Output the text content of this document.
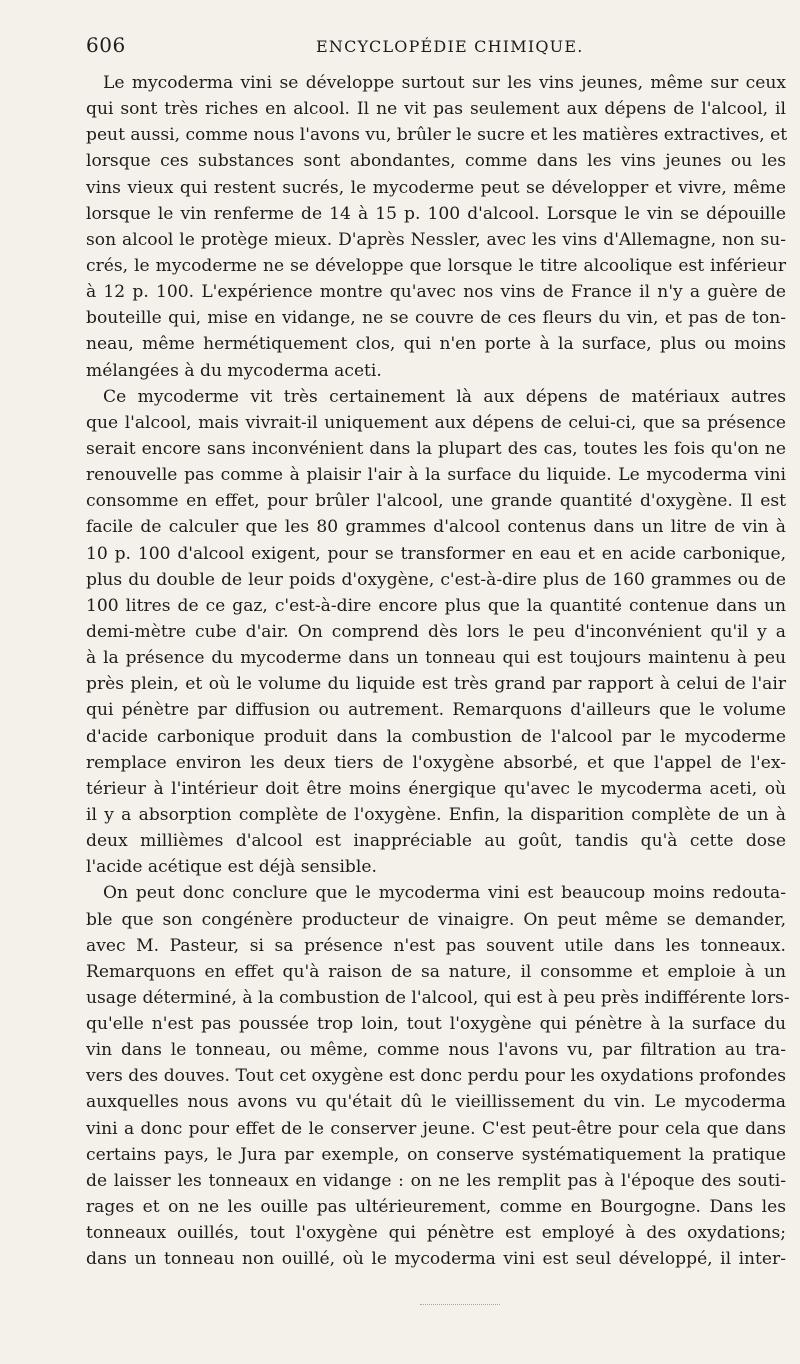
606	ENCYCLOPÉDIE CHIMIQUE.
Le mycoderma vini se développe surtout sur les vins jeunes, même sur ceux
qui sont très riches en alcool. Il ne vit pas seulement aux dépens de l'alcool, il
peut aussi, comme nous l'avons vu, brûler le sucre et les matières extractives, et
lorsque ces substances sont abondantes, comme dans les vins jeunes ou les
vins vieux qui restent sucrés, le mycoderme peut se développer et vivre, même
lorsque le vin renferme de 14 à 15 p. 100 d'alcool. Lorsque le vin se dépouille
son alcool le protège mieux. D'après Nessler, avec les vins d'Allemagne, non su-
crés, le mycoderme ne se développe que lorsque le titre alcoolique est inférieur
à 12 p. 100. L'expérience montre qu'avec nos vins de France il n'y a guère de
bouteille qui, mise en vidange, ne se couvre de ces fleurs du vin, et pas de ton-
neau, même hermétiquement clos, qui n'en porte à la surface, plus ou moins
mélangées à du mycoderma aceti.
Ce mycoderme vit très certainement là aux dépens de matériaux autres
que l'alcool, mais vivrait-il uniquement aux dépens de celui-ci, que sa présence
serait encore sans inconvénient dans la plupart des cas, toutes les fois qu'on ne
renouvelle pas comme à plaisir l'air à la surface du liquide. Le mycoderma vini
consomme en effet, pour brûler l'alcool, une grande quantité d'oxygène. Il est
facile de calculer que les 80 grammes d'alcool contenus dans un litre de vin à
10 p. 100 d'alcool exigent, pour se transformer en eau et en acide carbonique,
plus du double de leur poids d'oxygène, c'est-à-dire plus de 160 grammes ou de
100 litres de ce gaz, c'est-à-dire encore plus que la quantité contenue dans un
demi-mètre cube d'air. On comprend dès lors le peu d'inconvénient qu'il y a
à la présence du mycoderme dans un tonneau qui est toujours maintenu à peu
près plein, et où le volume du liquide est très grand par rapport à celui de l'air
qui pénètre par diffusion ou autrement. Remarquons d'ailleurs que le volume
d'acide carbonique produit dans la combustion de l'alcool par le mycoderme
remplace environ les deux tiers de l'oxygène absorbé, et que l'appel de l'ex-
térieur à l'intérieur doit être moins énergique qu'avec le mycoderma aceti, où
il y a absorption complète de l'oxygène. Enfin, la disparition complète de un à
deux millièmes d'alcool est inappréciable au goût, tandis qu'à cette dose
l'acide acétique est déjà sensible.
On peut donc conclure que le mycoderma vini est beaucoup moins redouta-
ble que son congénère producteur de vinaigre. On peut même se demander,
avec M. Pasteur, si sa présence n'est pas souvent utile dans les tonneaux.
Remarquons en effet qu'à raison de sa nature, il consomme et emploie à un
usage déterminé, à la combustion de l'alcool, qui est à peu près indifférente lors-
qu'elle n'est pas poussée trop loin, tout l'oxygène qui pénètre à la surface du
vin dans le tonneau, ou même, comme nous l'avons vu, par filtration au tra-
vers des douves. Tout cet oxygène est donc perdu pour les oxydations profondes
auxquelles nous avons vu qu'était dû le vieillissement du vin. Le mycoderma
vini a donc pour effet de le conserver jeune. C'est peut-être pour cela que dans
certains pays, le Jura par exemple, on conserve systématiquement la pratique
de laisser les tonneaux en vidange : on ne les remplit pas à l'époque des souti-
rages et on ne les ouille pas ultérieurement, comme en Bourgogne. Dans les
tonneaux ouillés, tout l'oxygène qui pénètre est employé à des oxydations;
dans un tonneau non ouillé, où le mycoderma vini est seul développé, il inter-
